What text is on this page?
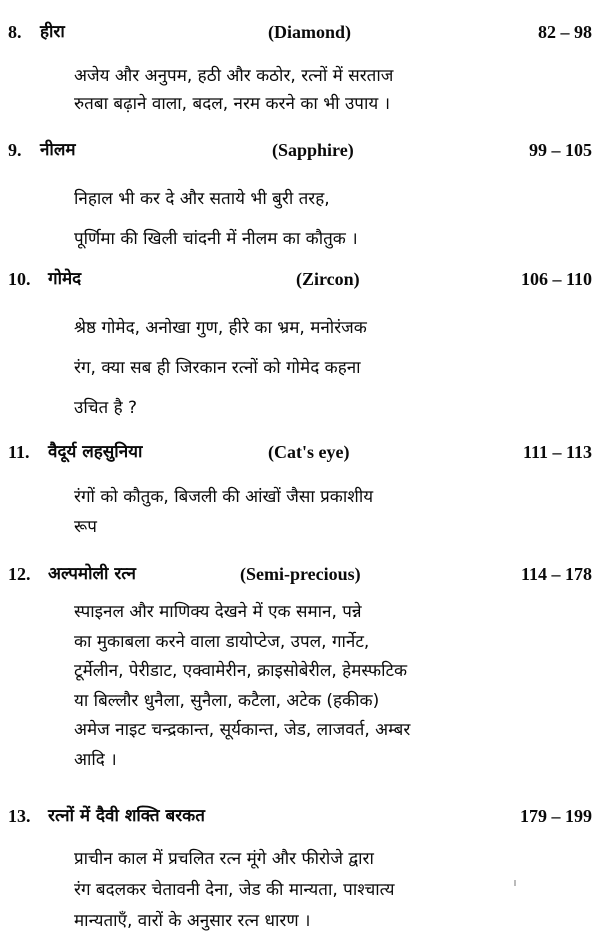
8. हीरा	(Diamond)	82 – 98
अजेय और अनुपम, हठी और कठोर, रत्नों में सरताज
रुतबा बढ़ाने वाला, बदल, नरम करने का भी उपाय ।
9. नीलम	(Sapphire)	99 – 105
निहाल भी कर दे और सताये भी बुरी तरह,
पूर्णिमा की खिली चांदनी में नीलम का कौतुक ।
10. गोमेद	(Zircon)	106 – 110
श्रेष्ठ गोमेद, अनोखा गुण, हीरे का भ्रम, मनोरंजक
रंग, क्या सब ही जिरकान रत्नों को गोमेद कहना
उचित है ?
11. वैदूर्य लहसुनिया	(Cat's eye)	111 – 113
रंगों को कौतुक, बिजली की आंखों जैसा प्रकाशीय
रूप
12. अल्पमोली रत्न	(Semi-precious)	114 – 178
स्पाइनल और माणिक्य देखने में एक समान, पन्ने
का मुकाबला करने वाला डायोप्टेज, उपल, गार्नेट,
टूर्मेलीन, पेरीडाट, एक्वामेरीन, क्राइसोबेरील, हेमस्फटिक
या बिल्लौर धुनैला, सुनैला, कटैला, अटेक (हकीक)
अमेज नाइट चन्द्रकान्त, सूर्यकान्त, जेड, लाजवर्त, अम्बर
आदि ।
13. रत्नों में दैवी शक्ति बरकत	179 – 199
प्राचीन काल में प्रचलित रत्न मूंगे और फीरोजे द्वारा
रंग बदलकर चेतावनी देना, जेड की मान्यता, पाश्चात्य
मान्यताएँ, वारों के अनुसार रत्न धारण ।
